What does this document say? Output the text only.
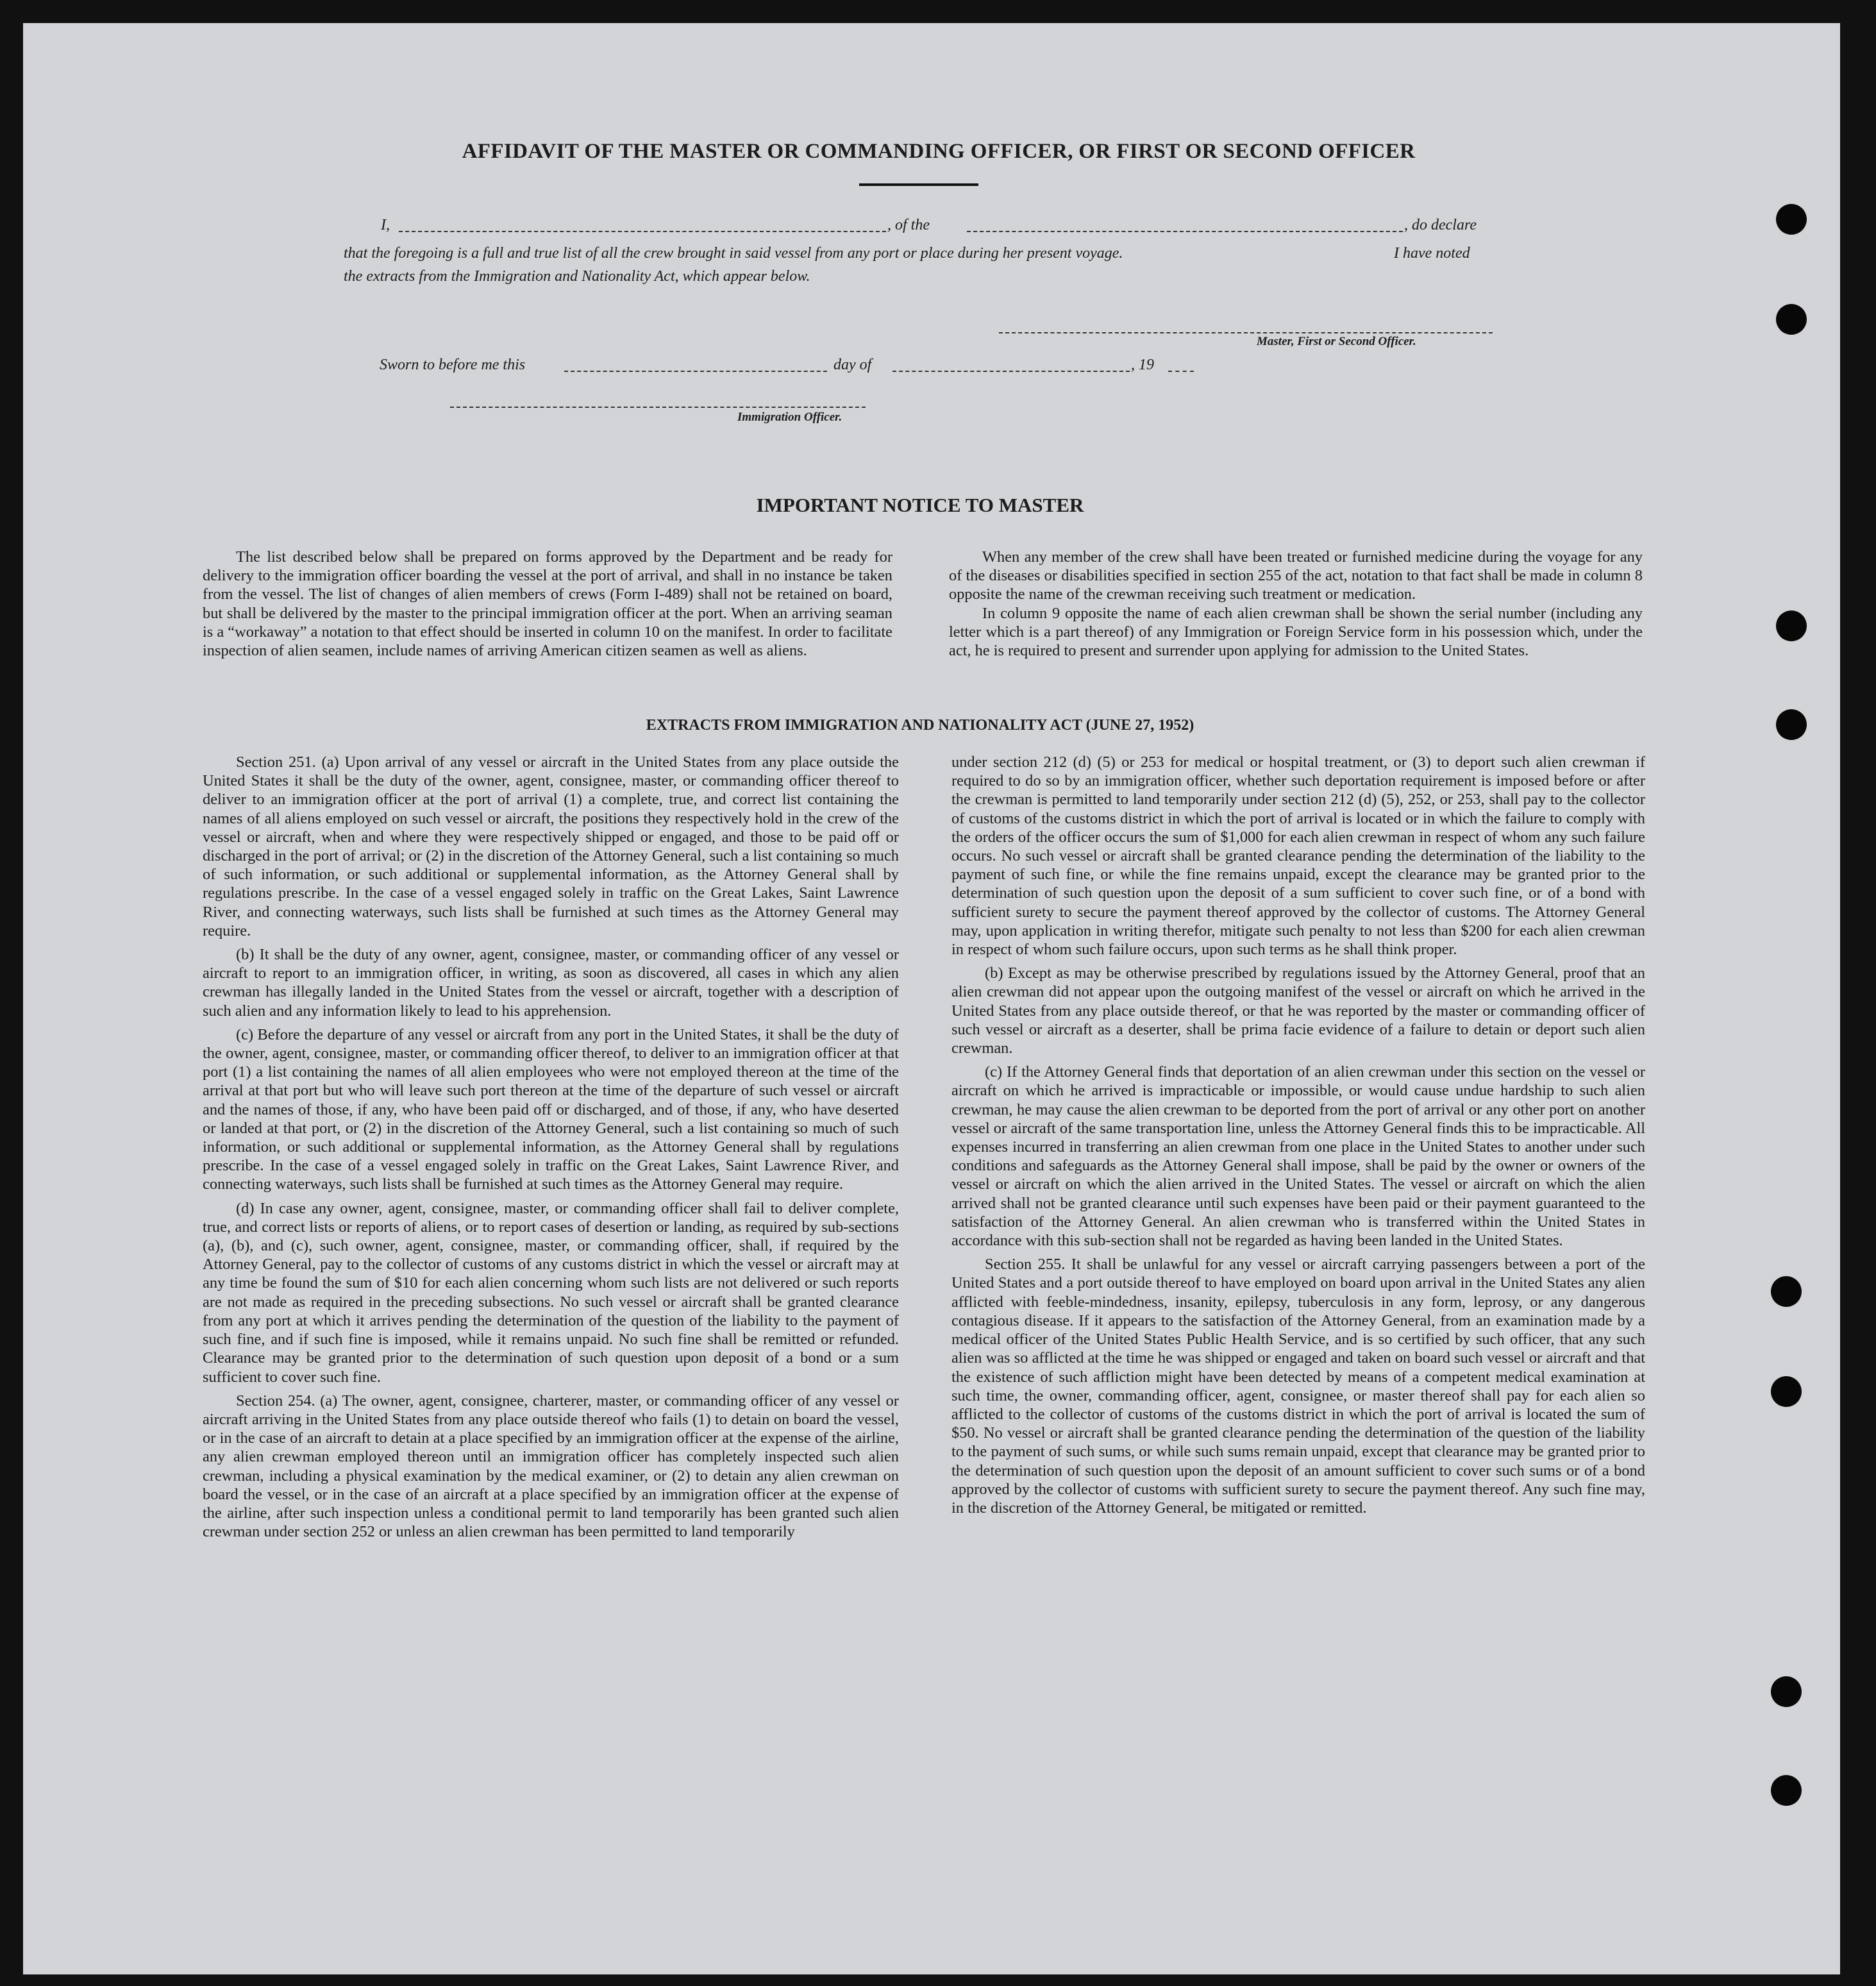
AFFIDAVIT OF THE MASTER OR COMMANDING OFFICER, OR FIRST OR SECOND OFFICER
I,	, of the	, do declare
that the foregoing is a full and true list of all the crew brought in said vessel from any port or place during her present voyage.	I have noted
the extracts from the Immigration and Nationality Act, which appear below.
Master, First or Second Officer.
Sworn to before me this	day of	, 19
Immigration Officer.
IMPORTANT NOTICE TO MASTER

The list described below shall be prepared on forms approved by the Department and be ready for delivery to the immigration officer boarding the vessel at the port of arrival, and shall in no instance be taken from the vessel. The list of changes of alien members of crews (Form I-489) shall not be retained on board, but shall be delivered by the master to the principal immigration officer at the port. When an arriving seaman is a “workaway” a notation to that effect should be inserted in column 10 on the manifest. In order to facilitate inspection of alien seamen, include names of arriving American citizen seamen as well as aliens.

When any member of the crew shall have been treated or furnished medicine during the voyage for any of the diseases or disabilities specified in section 255 of the act, notation to that fact shall be made in column 8 opposite the name of the crewman receiving such treatment or medication.

In column 9 opposite the name of each alien crewman shall be shown the serial number (including any letter which is a part thereof) of any Immigration or Foreign Service form in his possession which, under the act, he is required to present and surrender upon applying for admission to the United States.

EXTRACTS FROM IMMIGRATION AND NATIONALITY ACT (JUNE 27, 1952)

Section 251. (a) Upon arrival of any vessel or aircraft in the United States from any place outside the United States it shall be the duty of the owner, agent, consignee, master, or commanding officer thereof to deliver to an immigration officer at the port of arrival (1) a complete, true, and correct list containing the names of all aliens employed on such vessel or aircraft, the positions they respectively hold in the crew of the vessel or aircraft, when and where they were respectively shipped or engaged, and those to be paid off or discharged in the port of arrival; or (2) in the discretion of the Attorney General, such a list containing so much of such information, or such additional or supplemental information, as the Attorney General shall by regulations prescribe. In the case of a vessel engaged solely in traffic on the Great Lakes, Saint Lawrence River, and connecting waterways, such lists shall be furnished at such times as the Attorney General may require.

(b) It shall be the duty of any owner, agent, consignee, master, or commanding officer of any vessel or aircraft to report to an immigration officer, in writing, as soon as discovered, all cases in which any alien crewman has illegally landed in the United States from the vessel or aircraft, together with a description of such alien and any information likely to lead to his apprehension.

(c) Before the departure of any vessel or aircraft from any port in the United States, it shall be the duty of the owner, agent, consignee, master, or commanding officer thereof, to deliver to an immigration officer at that port (1) a list containing the names of all alien employees who were not employed thereon at the time of the arrival at that port but who will leave such port thereon at the time of the departure of such vessel or aircraft and the names of those, if any, who have been paid off or discharged, and of those, if any, who have deserted or landed at that port, or (2) in the discretion of the Attorney General, such a list containing so much of such information, or such additional or supplemental information, as the Attorney General shall by regulations prescribe. In the case of a vessel engaged solely in traffic on the Great Lakes, Saint Lawrence River, and connecting waterways, such lists shall be furnished at such times as the Attorney General may require.

(d) In case any owner, agent, consignee, master, or commanding officer shall fail to deliver complete, true, and correct lists or reports of aliens, or to report cases of desertion or landing, as required by sub-sections (a), (b), and (c), such owner, agent, consignee, master, or commanding officer, shall, if required by the Attorney General, pay to the collector of customs of any customs district in which the vessel or aircraft may at any time be found the sum of $10 for each alien concerning whom such lists are not delivered or such reports are not made as required in the preceding subsections. No such vessel or aircraft shall be granted clearance from any port at which it arrives pending the determination of the question of the liability to the payment of such fine, and if such fine is imposed, while it remains unpaid. No such fine shall be remitted or refunded. Clearance may be granted prior to the determination of such question upon deposit of a bond or a sum sufficient to cover such fine.

Section 254. (a) The owner, agent, consignee, charterer, master, or commanding officer of any vessel or aircraft arriving in the United States from any place outside thereof who fails (1) to detain on board the vessel, or in the case of an aircraft to detain at a place specified by an immigration officer at the expense of the airline, any alien crewman employed thereon until an immigration officer has completely inspected such alien crewman, including a physical examination by the medical examiner, or (2) to detain any alien crewman on board the vessel, or in the case of an aircraft at a place specified by an immigration officer at the expense of the airline, after such inspection unless a conditional permit to land temporarily has been granted such alien crewman under section 252 or unless an alien crewman has been permitted to land temporarily

under section 212 (d) (5) or 253 for medical or hospital treatment, or (3) to deport such alien crewman if required to do so by an immigration officer, whether such deportation requirement is imposed before or after the crewman is permitted to land temporarily under section 212 (d) (5), 252, or 253, shall pay to the collector of customs of the customs district in which the port of arrival is located or in which the failure to comply with the orders of the officer occurs the sum of $1,000 for each alien crewman in respect of whom any such failure occurs. No such vessel or aircraft shall be granted clearance pending the determination of the liability to the payment of such fine, or while the fine remains unpaid, except the clearance may be granted prior to the determination of such question upon the deposit of a sum sufficient to cover such fine, or of a bond with sufficient surety to secure the payment thereof approved by the collector of customs. The Attorney General may, upon application in writing therefor, mitigate such penalty to not less than $200 for each alien crewman in respect of whom such failure occurs, upon such terms as he shall think proper.

(b) Except as may be otherwise prescribed by regulations issued by the Attorney General, proof that an alien crewman did not appear upon the outgoing manifest of the vessel or aircraft on which he arrived in the United States from any place outside thereof, or that he was reported by the master or commanding officer of such vessel or aircraft as a deserter, shall be prima facie evidence of a failure to detain or deport such alien crewman.

(c) If the Attorney General finds that deportation of an alien crewman under this section on the vessel or aircraft on which he arrived is impracticable or impossible, or would cause undue hardship to such alien crewman, he may cause the alien crewman to be deported from the port of arrival or any other port on another vessel or aircraft of the same transportation line, unless the Attorney General finds this to be impracticable. All expenses incurred in transferring an alien crewman from one place in the United States to another under such conditions and safeguards as the Attorney General shall impose, shall be paid by the owner or owners of the vessel or aircraft on which the alien arrived in the United States. The vessel or aircraft on which the alien arrived shall not be granted clearance until such expenses have been paid or their payment guaranteed to the satisfaction of the Attorney General. An alien crewman who is transferred within the United States in accordance with this sub-section shall not be regarded as having been landed in the United States.

Section 255. It shall be unlawful for any vessel or aircraft carrying passengers between a port of the United States and a port outside thereof to have employed on board upon arrival in the United States any alien afflicted with feeble-mindedness, insanity, epilepsy, tuberculosis in any form, leprosy, or any dangerous contagious disease. If it appears to the satisfaction of the Attorney General, from an examination made by a medical officer of the United States Public Health Service, and is so certified by such officer, that any such alien was so afflicted at the time he was shipped or engaged and taken on board such vessel or aircraft and that the existence of such affliction might have been detected by means of a competent medical examination at such time, the owner, commanding officer, agent, consignee, or master thereof shall pay for each alien so afflicted to the collector of customs of the customs district in which the port of arrival is located the sum of $50. No vessel or aircraft shall be granted clearance pending the determination of the question of the liability to the payment of such sums, or while such sums remain unpaid, except that clearance may be granted prior to the determination of such question upon the deposit of an amount sufficient to cover such sums or of a bond approved by the collector of customs with sufficient surety to secure the payment thereof. Any such fine may, in the discretion of the Attorney General, be mitigated or remitted.
